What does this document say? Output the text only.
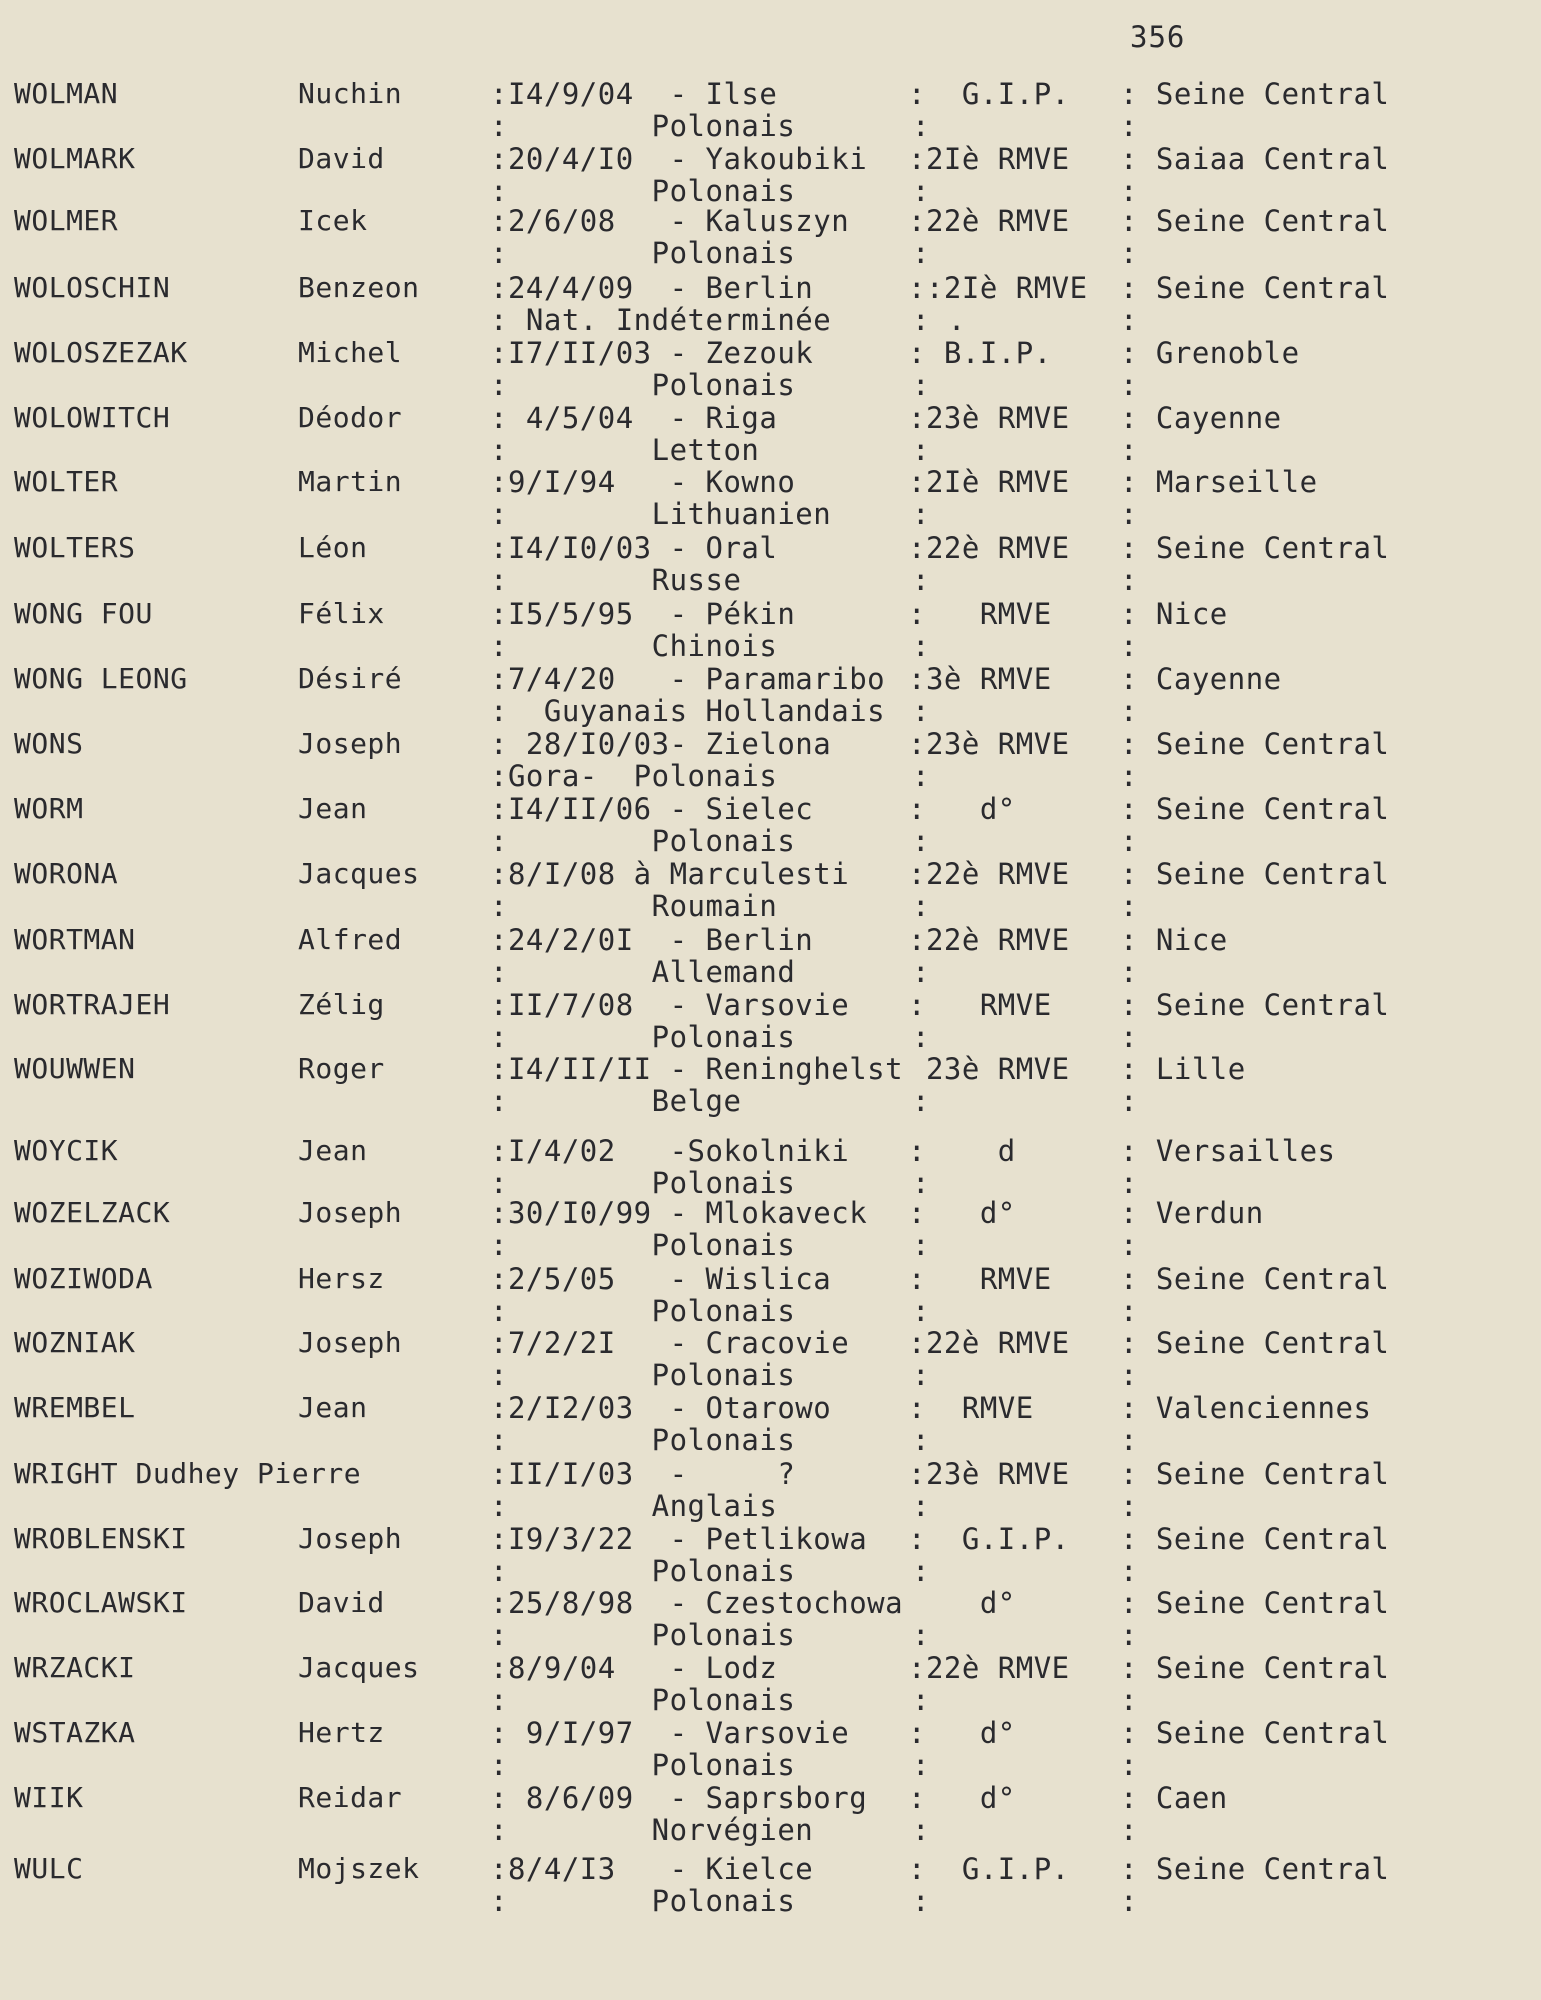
356
WOLMAN	Nuchin	:I4/9/04  - Ilse
:        Polonais
:  G.I.P.
:
: Seine Central
:
WOLMARK	David	:20/4/I0  - Yakoubiki
:        Polonais
:2Iè RMVE
:
: Saiaa Central
:
WOLMER	Icek	:2/6/08   - Kaluszyn
:        Polonais
:22è RMVE
:
: Seine Central
:
WOLOSCHIN	Benzeon :24/4/09  - Berlin
: Nat. Indéterminée
::2Iè RMVE
: .
: Seine Central
:
WOLOSZEZAK	Michel	:I7/II/03 - Zezouk
:        Polonais
: B.I.P.
:
: Grenoble
:
WOLOWITCH	Déodor	: 4/5/04  - Riga
:        Letton
:23è RMVE
:
: Cayenne
:
WOLTER	Martin	:9/I/94   - Kowno
:        Lithuanien
:2Iè RMVE
:
: Marseille
:
WOLTERS	Léon	:I4/I0/03 - Oral
:        Russe
:22è RMVE
:
: Seine Central
:
WONG FOU	Félix	:I5/5/95  - Pékin
:        Chinois
:   RMVE
:
: Nice
:
WONG LEONG	Désiré	:7/4/20   - Paramaribo
:  Guyanais Hollandais
:3è RMVE
:
: Cayenne
:
WONS	Joseph	: 28/I0/03- Zielona
:Gora-  Polonais
:23è RMVE
:
: Seine Central
:
WORM	Jean	:I4/II/06 - Sielec
:        Polonais
:   d°
:
: Seine Central
:
WORONA	Jacques :8/I/08 à Marculesti
:        Roumain
:22è RMVE
:
: Seine Central
:
WORTMAN	Alfred	:24/2/0I  - Berlin
:        Allemand
:22è RMVE
:
: Nice
:
WORTRAJEH	Zélig	:II/7/08  - Varsovie
:        Polonais
:   RMVE
:
: Seine Central
:
WOUWWEN	Roger	:I4/II/II - Reninghelst
:        Belge
23è RMVE
:
: Lille
:
WOYCIK	Jean	:I/4/02   -Sokolniki
:        Polonais
:    d
:
: Versailles
:
WOZELZACK	Joseph	:30/I0/99 - Mlokaveck
:        Polonais
:   d°
:
: Verdun
:
WOZIWODA	Hersz	:2/5/05   - Wislica
:        Polonais
:   RMVE
:
: Seine Central
:
WOZNIAK	Joseph	:7/2/2I   - Cracovie
:        Polonais
:22è RMVE
:
: Seine Central
:
WREMBEL	Jean	:2/I2/03  - Otarowo
:        Polonais
:  RMVE
:
: Valenciennes
:
WRIGHT Dudhey Pierre	:II/I/03  -     ?
:        Anglais
:23è RMVE
:
: Seine Central
:
WROBLENSKI	Joseph	:I9/3/22  - Petlikowa
:        Polonais
:  G.I.P.
:
: Seine Central
:
WROCLAWSKI	David	:25/8/98  - Czestochowa
:        Polonais
d°
:
: Seine Central
:
WRZACKI	Jacques :8/9/04   - Lodz
:        Polonais
:22è RMVE
:
: Seine Central
:
WSTAZKA	Hertz	: 9/I/97  - Varsovie
:        Polonais
:   d°
:
: Seine Central
:
WIIK	Reidar	: 8/6/09  - Saprsborg
:        Norvégien
:   d°
:
: Caen
:
WULC	Mojszek :8/4/I3   - Kielce
:        Polonais
:  G.I.P.
:
: Seine Central
:
